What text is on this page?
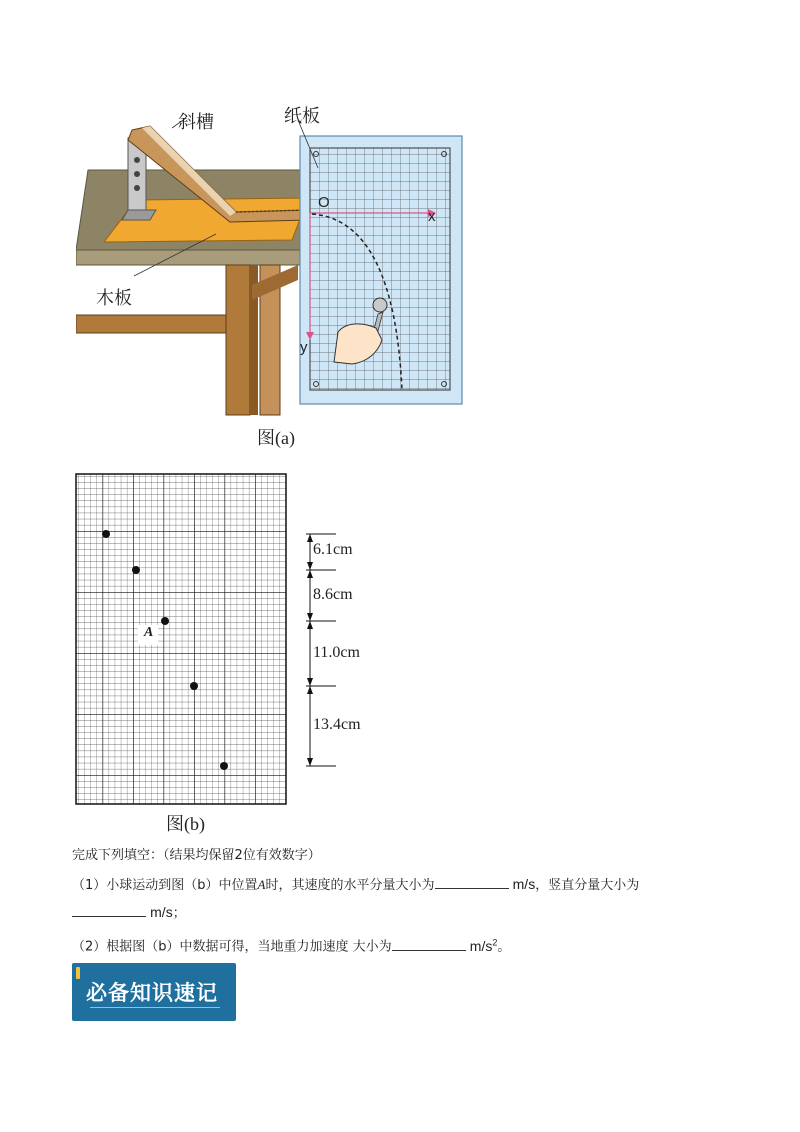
斜槽	纸板
木板
O
x
y
图(a)
A
6.1cm
8.6cm
11.0cm
13.4cm
图(b)
完成下列填空：（结果均保留2位有效数字）
（1）小球运动到图（b）中位置A时，其速度的水平分量大小为	m/s，竖直分量大小为
m/s；
（2）根据图（b）中数据可得，当地重力加速度 大小为	$m/s^2$。
必备知识速记
